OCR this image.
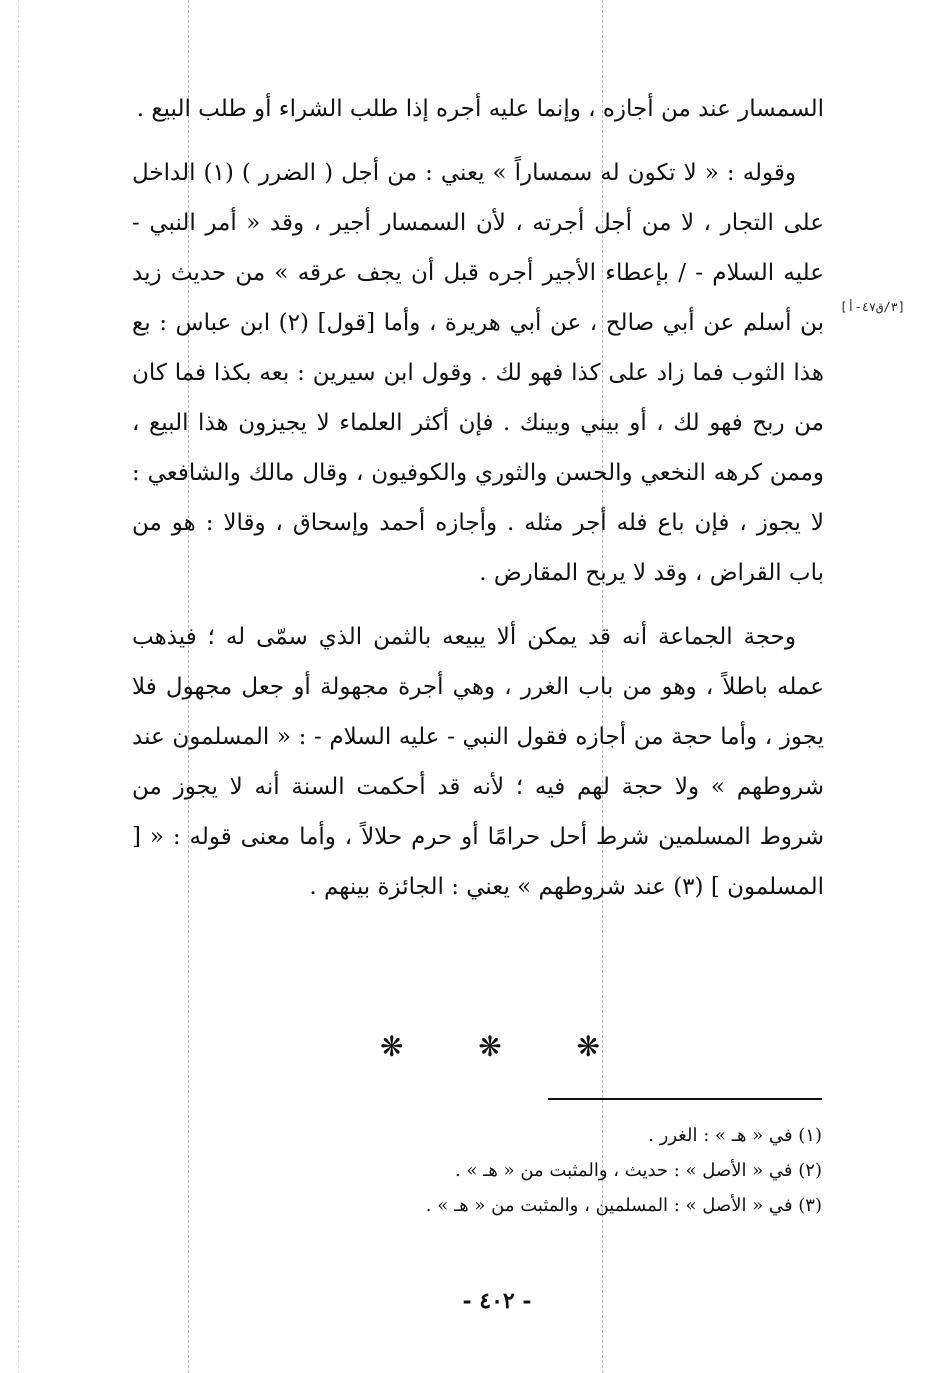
[٣/ق٤٧-أ]

السمسار عند من أجازه ، وإنما عليه أجره إذا طلب الشراء أو طلب البيع .

وقوله : « لا تكون له سمساراً » يعني : من أجل ( الضرر ) (١) الداخل على التجار ، لا من أجل أجرته ، لأن السمسار أجير ، وقد « أمر النبي - عليه السلام - / بإعطاء الأجير أجره قبل أن يجف عرقه » من حديث زيد بن أسلم عن أبي صالح ، عن أبي هريرة ، وأما [قول] (٢) ابن عباس : بع هذا الثوب فما زاد على كذا فهو لك . وقول ابن سيرين : بعه بكذا فما كان من ربح فهو لك ، أو بيني وبينك . فإن أكثر العلماء لا يجيزون هذا البيع ، وممن كرهه النخعي والحسن والثوري والكوفيون ، وقال مالك والشافعي : لا يجوز ، فإن باع فله أجر مثله . وأجازه أحمد وإسحاق ، وقالا : هو من باب القراض ، وقد لا يربح المقارض .

وحجة الجماعة أنه قد يمكن ألا يبيعه بالثمن الذي سمّى له ؛ فيذهب عمله باطلاً ، وهو من باب الغرر ، وهي أجرة مجهولة أو جعل مجهول فلا يجوز ، وأما حجة من أجازه فقول النبي - عليه السلام - : « المسلمون عند شروطهم » ولا حجة لهم فيه ؛ لأنه قد أحكمت السنة أنه لا يجوز من شروط المسلمين شرط أحل حرامًا أو حرم حلالاً ، وأما معنى قوله : « [ المسلمون ] (٣) عند شروطهم » يعني : الجائزة بينهم .

❋	❋	❋
(١) في « هـ » : الغرر .
(٢) في « الأصل » : حديث ، والمثبت من « هـ » .
(٣) في « الأصل » : المسلمين ، والمثبت من « هـ » .
- ٤٠٢ -
